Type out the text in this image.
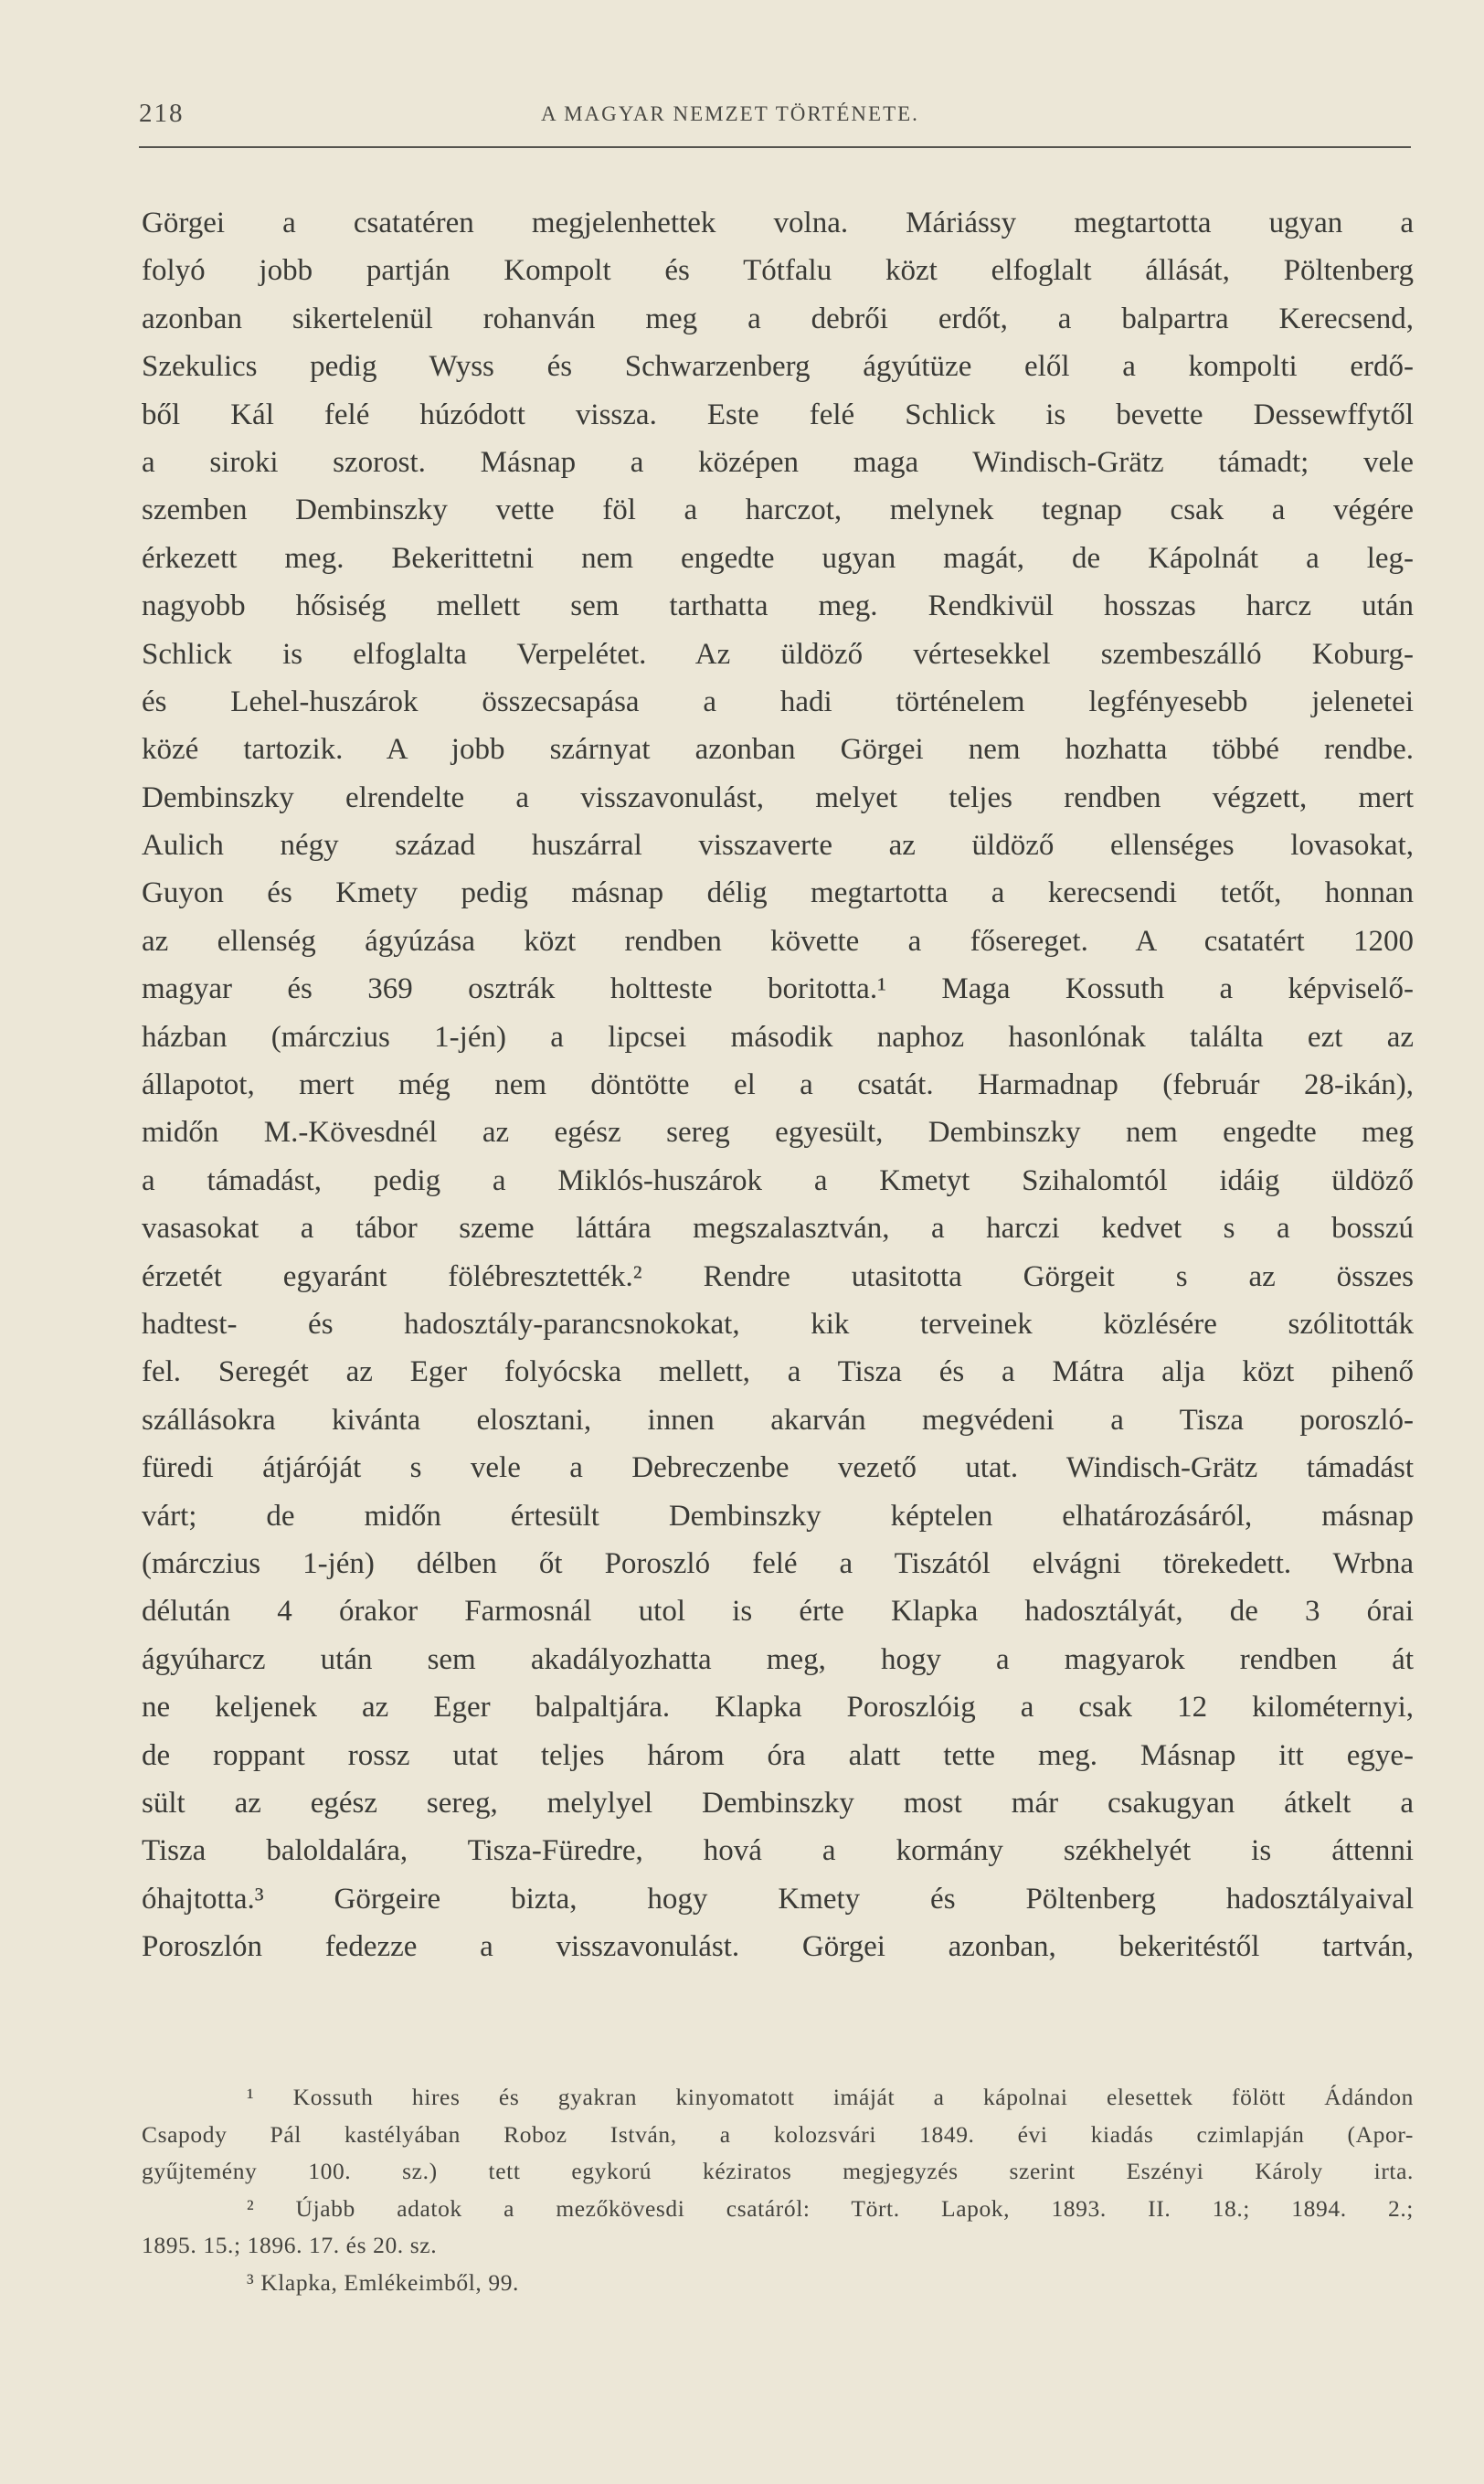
218	A MAGYAR NEMZET TÖRTÉNETE.
Görgei a csatatéren megjelenhettek volna. Máriássy megtartotta ugyan a
folyó jobb partján Kompolt és Tótfalu közt elfoglalt állását, Pöltenberg
azonban sikertelenül rohanván meg a debrői erdőt, a balpartra Kerecsend,
Szekulics pedig Wyss és Schwarzenberg ágyútüze elől a kompolti erdő-
ből Kál felé húzódott vissza. Este felé Schlick is bevette Dessewffytől
a siroki szorost. Másnap a középen maga Windisch-Grätz támadt; vele
szemben Dembinszky vette föl a harczot, melynek tegnap csak a végére
érkezett meg. Bekerittetni nem engedte ugyan magát, de Kápolnát a leg-
nagyobb hősiség mellett sem tarthatta meg. Rendkivül hosszas harcz után
Schlick is elfoglalta Verpelétet. Az üldöző vértesekkel szembeszálló Koburg-
és Lehel-huszárok összecsapása a hadi történelem legfényesebb jelenetei
közé tartozik. A jobb szárnyat azonban Görgei nem hozhatta többé rendbe.
Dembinszky elrendelte a visszavonulást, melyet teljes rendben végzett, mert
Aulich négy század huszárral visszaverte az üldöző ellenséges lovasokat,
Guyon és Kmety pedig másnap délig megtartotta a kerecsendi tetőt, honnan
az ellenség ágyúzása közt rendben követte a fősereget. A csatatért 1200
magyar és 369 osztrák holtteste boritotta.¹ Maga Kossuth a képviselő-
házban (márczius 1-jén) a lipcsei második naphoz hasonlónak találta ezt az
állapotot, mert még nem döntötte el a csatát. Harmadnap (február 28-ikán),
midőn M.-Kövesdnél az egész sereg egyesült, Dembinszky nem engedte meg
a támadást, pedig a Miklós-huszárok a Kmetyt Szihalomtól idáig üldöző
vasasokat a tábor szeme láttára megszalasztván, a harczi kedvet s a bosszú
érzetét egyaránt fölébresztették.² Rendre utasitotta Görgeit s az összes
hadtest- és hadosztály-parancsnokokat, kik terveinek közlésére szólitották
fel. Seregét az Eger folyócska mellett, a Tisza és a Mátra alja közt pihenő
szállásokra kivánta elosztani, innen akarván megvédeni a Tisza poroszló-
füredi átjáróját s vele a Debreczenbe vezető utat. Windisch-Grätz támadást
várt; de midőn értesült Dembinszky képtelen elhatározásáról, másnap
(márczius 1-jén) délben őt Poroszló felé a Tiszától elvágni törekedett. Wrbna
délután 4 órakor Farmosnál utol is érte Klapka hadosztályát, de 3 órai
ágyúharcz után sem akadályozhatta meg, hogy a magyarok rendben át
ne keljenek az Eger balpaltjára. Klapka Poroszlóig a csak 12 kilométernyi,
de roppant rossz utat teljes három óra alatt tette meg. Másnap itt egye-
sült az egész sereg, melylyel Dembinszky most már csakugyan átkelt a
Tisza baloldalára, Tisza-Füredre, hová a kormány székhelyét is áttenni
óhajtotta.³ Görgeire bizta, hogy Kmety és Pöltenberg hadosztályaival
Poroszlón fedezze a visszavonulást. Görgei azonban, bekeritéstől tartván,
¹ Kossuth hires és gyakran kinyomatott imáját a kápolnai elesettek fölött Ádándon
Csapody Pál kastélyában Roboz István, a kolozsvári 1849. évi kiadás czimlapján (Apor-
gyűjtemény 100. sz.) tett egykorú kéziratos megjegyzés szerint Eszényi Károly irta.
² Újabb adatok a mezőkövesdi csatáról: Tört. Lapok, 1893. II. 18.; 1894. 2.;
1895. 15.; 1896. 17. és 20. sz.
³ Klapka, Emlékeimből, 99.
